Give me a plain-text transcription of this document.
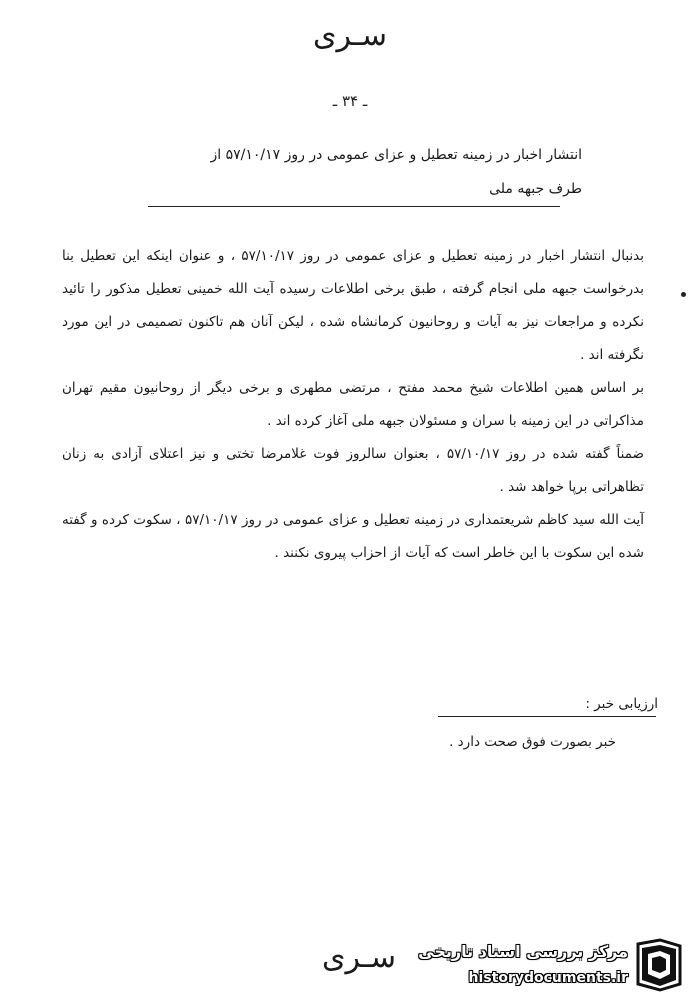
سـری
ـ ۳۴ ـ
انتشار اخبار در زمینه تعطیل و عزای عمومی در روز ۵۷/۱۰/۱۷ از
طرف جبهه ملی

بدنبال انتشار اخبار در زمینه تعطیل و عزای عمومی در روز ۵۷/۱۰/۱۷ ، و عنوان اینکه این تعطیل بنا بدرخواست جبهه ملی انجام گرفته ، طبق برخی اطلاعات رسیده آیت الله خمینی تعطیل مذکور را تائید نکرده و مراجعات نیز به آیات و روحانیون کرمانشاه شده ، لیکن آنان هم تاکنون تصمیمی در این مورد نگرفته اند .

بر اساس همین اطلاعات شیخ محمد مفتح ، مرتضی مطهری و برخی دیگر از روحانیون مقیم تهران مذاکراتی در این زمینه با سران و مسئولان جبهه ملی آغاز کرده اند .

ضمناً گفته شده در روز ۵۷/۱۰/۱۷ ، بعنوان سالروز فوت غلامرضا تختی و نیز اعتلای آزادی به زنان تظاهراتی برپا خواهد شد .

آیت الله سید کاظم شریعتمداری در زمینه تعطیل و عزای عمومی در روز ۵۷/۱۰/۱۷ ، سکوت کرده و گفته شده این سکوت با این خاطر است که آیات از احزاب پیروی نکنند .

ارزیابی خبر :
خبر بصورت فوق صحت دارد .
سـری مرکز بررسی اسناد تاریخی
historydocuments.ir
